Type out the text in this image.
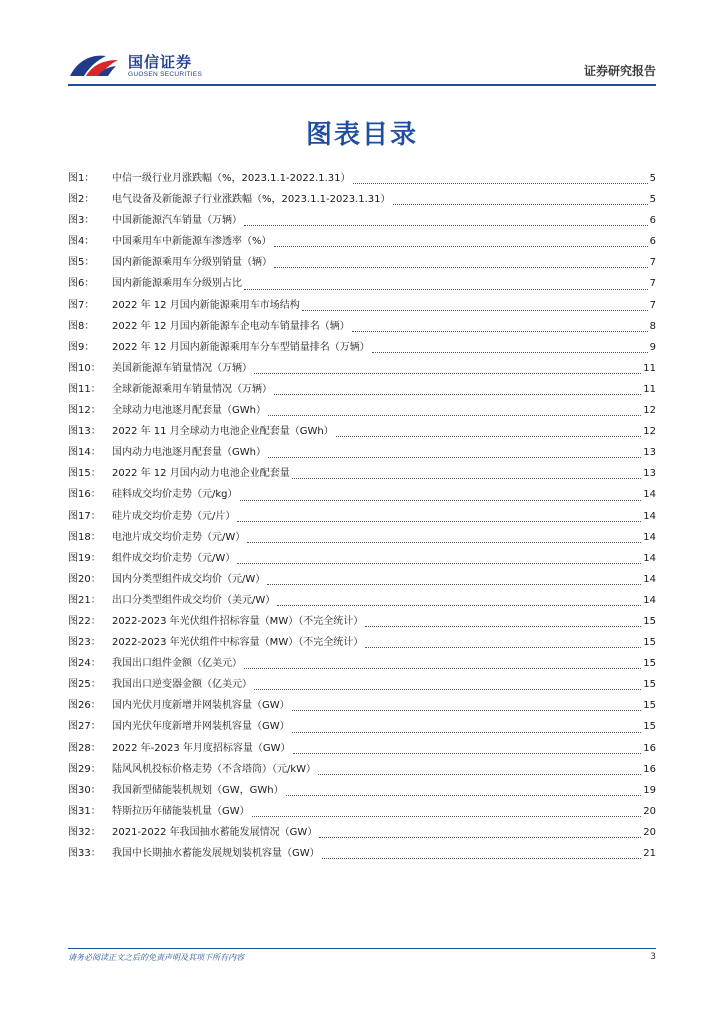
国信证券
GUOSEN SECURITIES	证券研究报告
图表目录
图1：	中信一级行业月涨跌幅（%，2023.1.1-2022.1.31）	5
图2：	电气设备及新能源子行业涨跌幅（%，2023.1.1-2023.1.31）	5
图3：	中国新能源汽车销量（万辆）	6
图4：	中国乘用车中新能源车渗透率（%）	6
图5：	国内新能源乘用车分级别销量（辆）	7
图6：	国内新能源乘用车分级别占比	7
图7：	2022 年 12 月国内新能源乘用车市场结构	7
图8：	2022 年 12 月国内新能源车企电动车销量排名（辆）	8
图9：	2022 年 12 月国内新能源乘用车分车型销量排名（万辆）	9
图10：	美国新能源车销量情况（万辆）	11
图11：	全球新能源乘用车销量情况（万辆）	11
图12：	全球动力电池逐月配套量（GWh）	12
图13：	2022 年 11 月全球动力电池企业配套量（GWh）	12
图14：	国内动力电池逐月配套量（GWh）	13
图15：	2022 年 12 月国内动力电池企业配套量	13
图16：	硅料成交均价走势（元/kg）	14
图17：	硅片成交均价走势（元/片）	14
图18：	电池片成交均价走势（元/W）	14
图19：	组件成交均价走势（元/W）	14
图20：	国内分类型组件成交均价（元/W）	14
图21：	出口分类型组件成交均价（美元/W）	14
图22：	2022-2023 年光伏组件招标容量（MW）（不完全统计）	15
图23：	2022-2023 年光伏组件中标容量（MW）（不完全统计）	15
图24：	我国出口组件金额（亿美元）	15
图25：	我国出口逆变器金额（亿美元）	15
图26：	国内光伏月度新增并网装机容量（GW）	15
图27：	国内光伏年度新增并网装机容量（GW）	15
图28：	2022 年-2023 年月度招标容量（GW）	16
图29：	陆风风机投标价格走势（不含塔筒）（元/kW）	16
图30：	我国新型储能装机规划（GW，GWh）	19
图31：	特斯拉历年储能装机量（GW）	20
图32：	2021-2022 年我国抽水蓄能发展情况（GW）	20
图33：	我国中长期抽水蓄能发展规划装机容量（GW）	21
请务必阅读正文之后的免责声明及其项下所有内容	3
